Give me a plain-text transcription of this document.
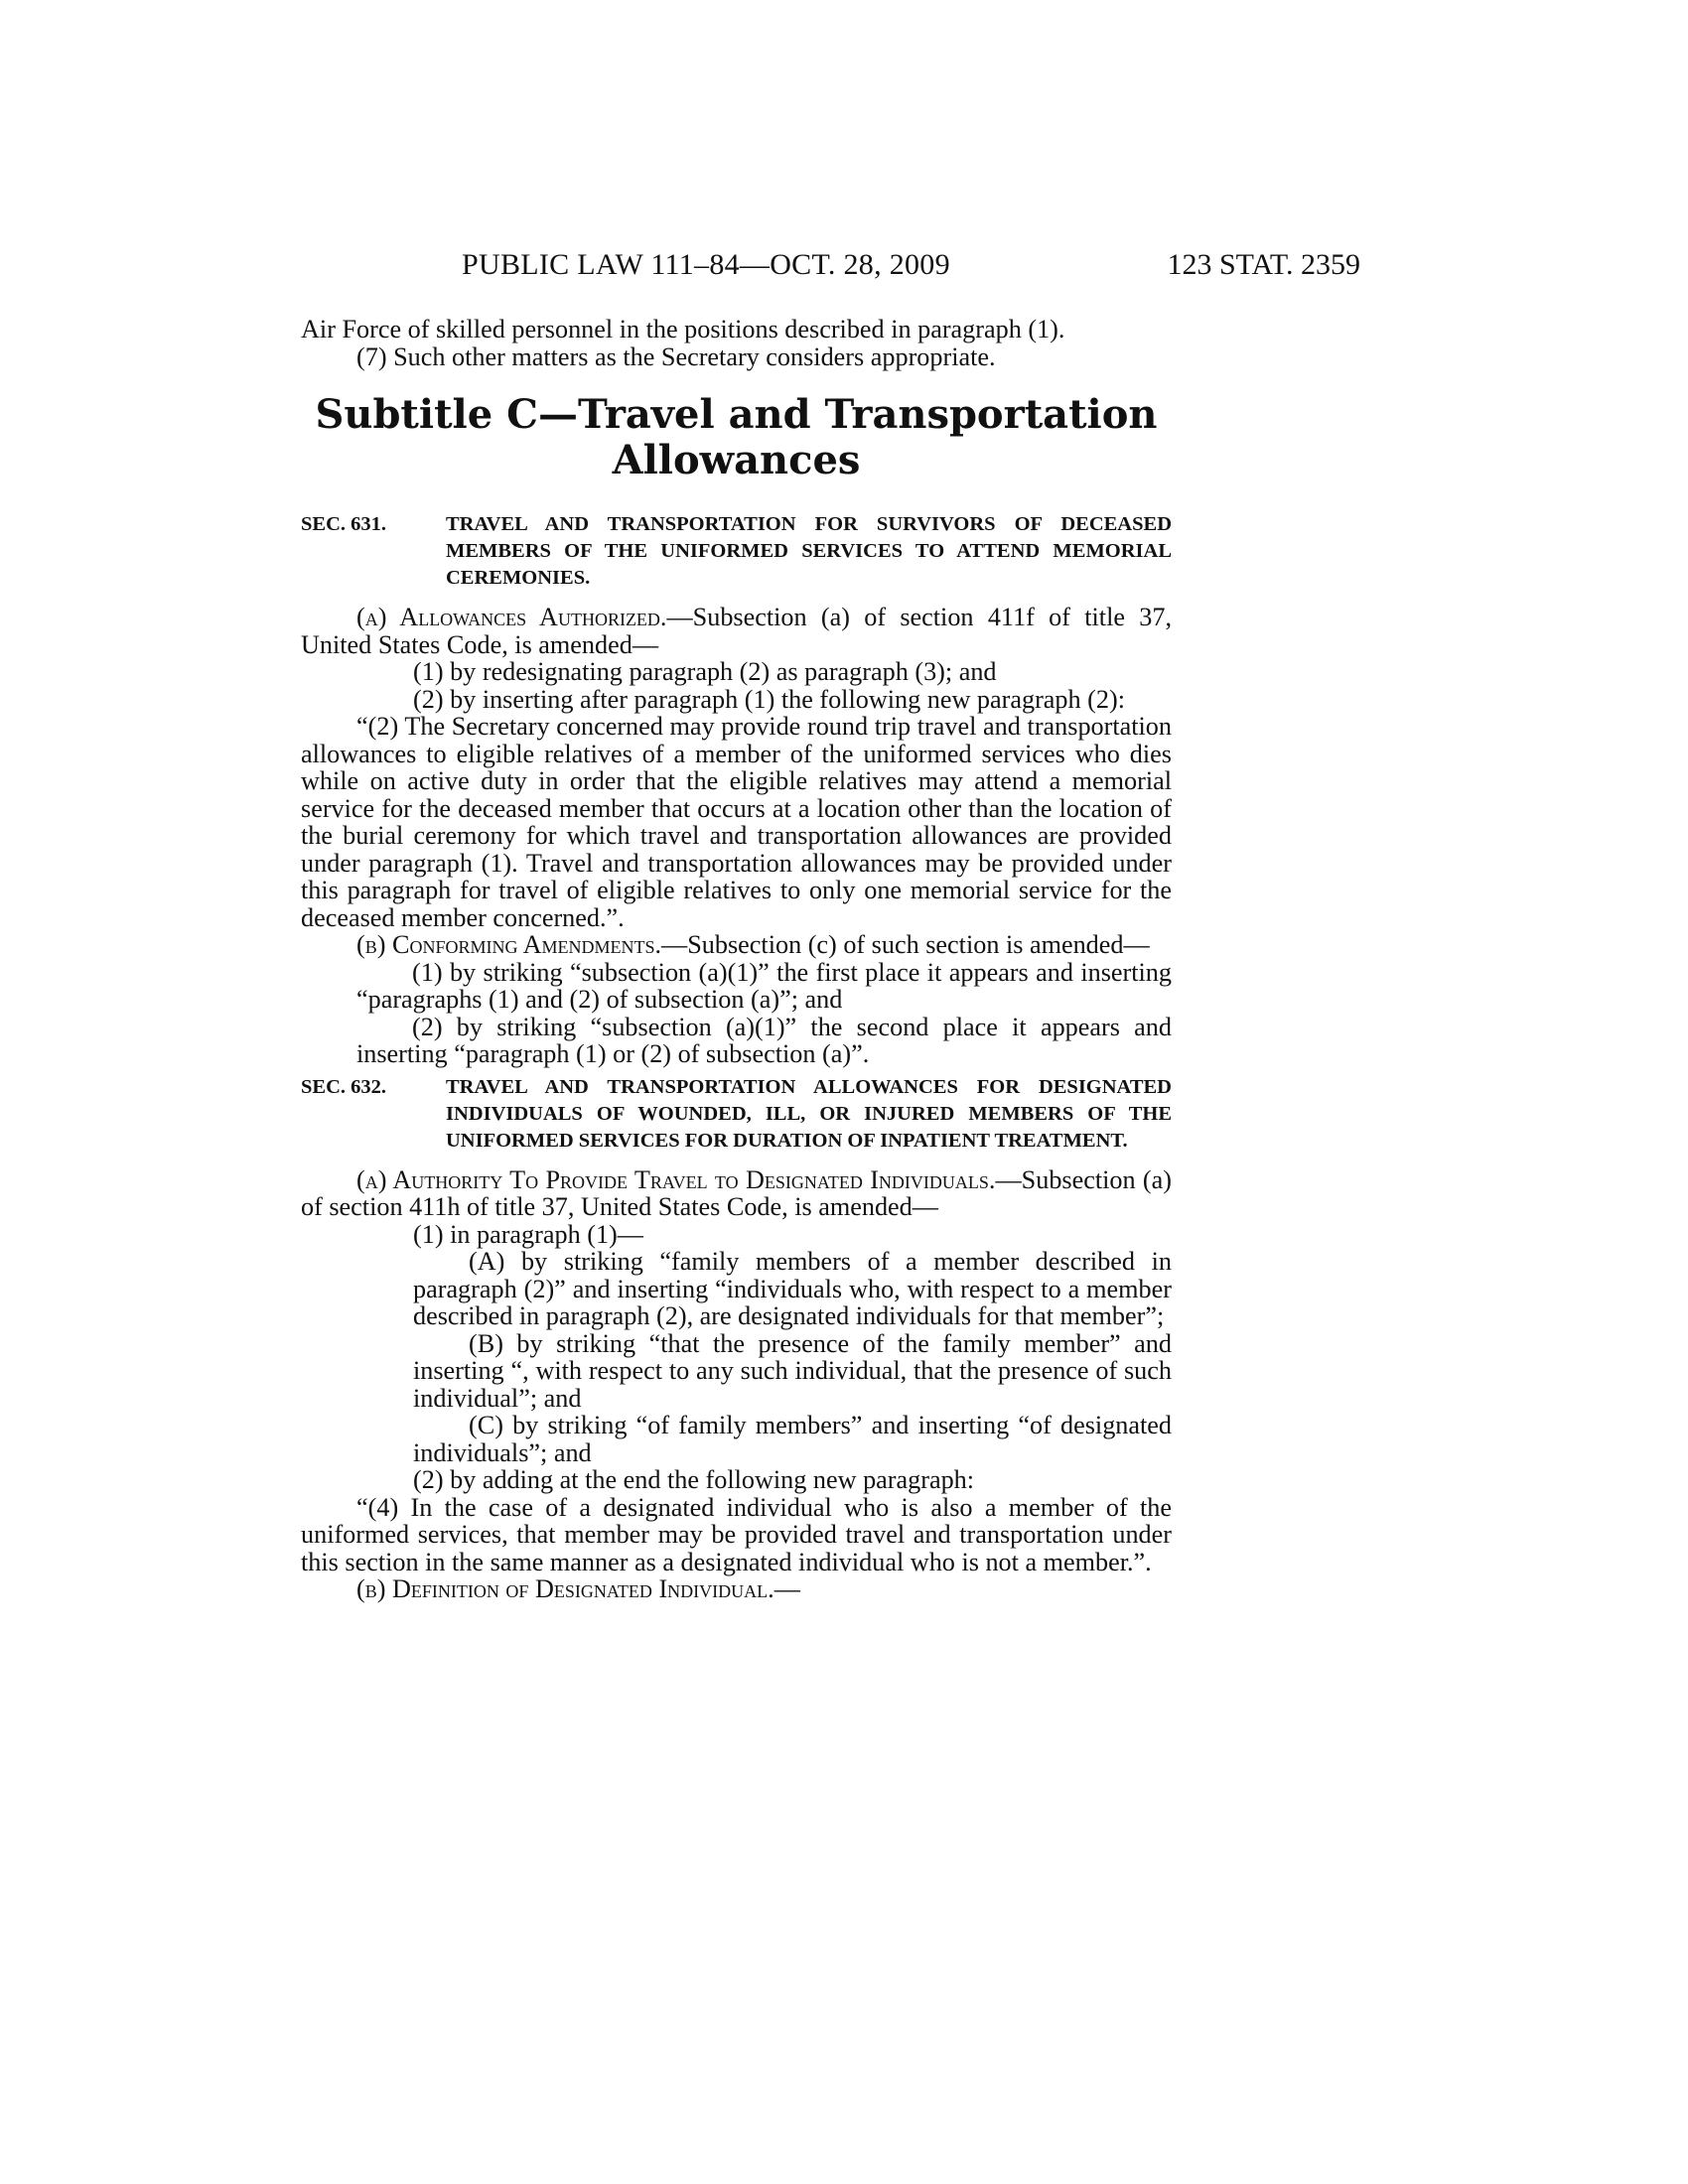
PUBLIC LAW 111–84—OCT. 28, 2009	123 STAT. 2359

Air Force of skilled personnel in the positions described in paragraph (1).

(7) Such other matters as the Secretary considers appropriate.

Subtitle C—Travel and Transportation
Allowances
SEC. 631.	TRAVEL AND TRANSPORTATION FOR SURVIVORS OF DECEASED MEMBERS OF THE UNIFORMED SERVICES TO ATTEND MEMORIAL CEREMONIES.

(a) Allowances Authorized.—Subsection (a) of section 411f of title 37, United States Code, is amended—

(1) by redesignating paragraph (2) as paragraph (3); and

(2) by inserting after paragraph (1) the following new paragraph (2):

“(2) The Secretary concerned may provide round trip travel and transportation allowances to eligible relatives of a member of the uniformed services who dies while on active duty in order that the eligible relatives may attend a memorial service for the deceased member that occurs at a location other than the location of the burial ceremony for which travel and transportation allowances are provided under paragraph (1). Travel and transportation allowances may be provided under this paragraph for travel of eligible relatives to only one memorial service for the deceased member concerned.”.

(b) Conforming Amendments.—Subsection (c) of such section is amended—

(1) by striking “subsection (a)(1)” the first place it appears and inserting “paragraphs (1) and (2) of subsection (a)”; and

(2) by striking “subsection (a)(1)” the second place it appears and inserting “paragraph (1) or (2) of subsection (a)”.

SEC. 632.	TRAVEL AND TRANSPORTATION ALLOWANCES FOR DESIGNATED INDIVIDUALS OF WOUNDED, ILL, OR INJURED MEMBERS OF THE UNIFORMED SERVICES FOR DURATION OF INPATIENT TREATMENT.

(a) Authority To Provide Travel to Designated Individuals.—Subsection (a) of section 411h of title 37, United States Code, is amended—

(1) in paragraph (1)—

(A) by striking “family members of a member described in paragraph (2)” and inserting “individuals who, with respect to a member described in paragraph (2), are designated individuals for that member”;

(B) by striking “that the presence of the family member” and inserting “, with respect to any such individual, that the presence of such individual”; and

(C) by striking “of family members” and inserting “of designated individuals”; and

(2) by adding at the end the following new paragraph:

“(4) In the case of a designated individual who is also a member of the uniformed services, that member may be provided travel and transportation under this section in the same manner as a designated individual who is not a member.”.

(b) Definition of Designated Individual.—
